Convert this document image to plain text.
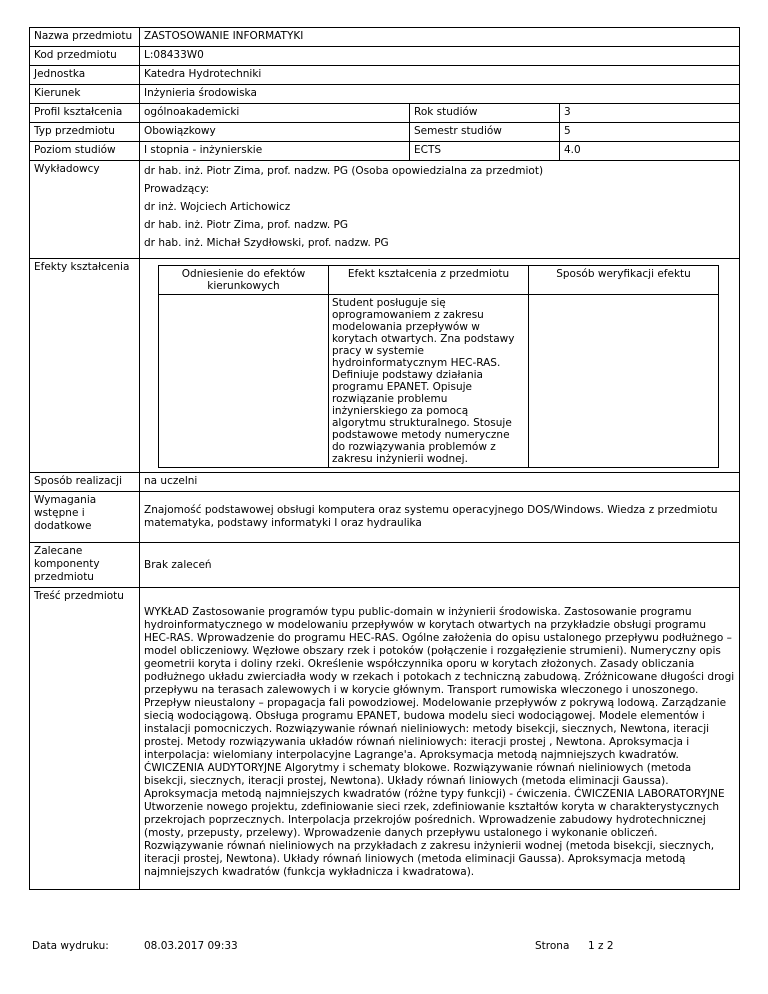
Nazwa przedmiotu	ZASTOSOWANIE INFORMATYKI
Kod przedmiotu	L:08433W0
Jednostka	Katedra Hydrotechniki
Kierunek	Inżynieria środowiska
Profil kształcenia	ogólnoakademicki	Rok studiów	3
Typ przedmiotu	Obowiązkowy	Semestr studiów	5
Poziom studiów	I stopnia - inżynierskie	ECTS	4.0
Wykładowcy	dr hab. inż. Piotr Zima, prof. nadzw. PG (Osoba opowiedzialna za przedmiot)
Prowadzący:
dr inż. Wojciech Artichowicz
dr hab. inż. Piotr Zima, prof. nadzw. PG
dr hab. inż. Michał Szydłowski, prof. nadzw. PG

Efekty kształcenia	
Odniesienie do efektów kierunkowych	Efekt kształcenia z przedmiotu	Sposób weryfikacji efektu
	Student posługuje się oprogramowaniem z zakresu modelowania przepływów w korytach otwartych. Zna podstawy pracy w systemie hydroinformatycznym HEC-RAS. Definiuje podstawy działania programu EPANET. Opisuje rozwiązanie problemu inżynierskiego za pomocą algorytmu strukturalnego. Stosuje podstawowe metody numeryczne do rozwiązywania problemów z zakresu inżynierii wodnej.	

Sposób realizacji	na uczelni
Wymagania wstępne i dodatkowe	Znajomość podstawowej obsługi komputera oraz systemu operacyjnego DOS/Windows. Wiedza z przedmiotu matematyka, podstawy informatyki I oraz hydraulika
Zalecane komponenty przedmiotu	Brak zaleceń
Treść przedmiotu	
WYKŁAD Zastosowanie programów typu public-domain w inżynierii środowiska. Zastosowanie programu hydroinformatycznego w modelowaniu przepływów w korytach otwartych na przykładzie obsługi programu HEC-RAS. Wprowadzenie do programu HEC-RAS. Ogólne założenia do opisu ustalonego przepływu podłużnego – model obliczeniowy. Węzłowe obszary rzek i potoków (połączenie i rozgałęzienie strumieni). Numeryczny opis geometrii koryta i doliny rzeki. Określenie współczynnika oporu w korytach złożonych. Zasady obliczania podłużnego układu zwierciadła wody w rzekach i potokach z techniczną zabudową. Zróżnicowane długości drogi przepływu na terasach zalewowych i w korycie głównym. Transport rumowiska wleczonego i unoszonego. Przepływ nieustalony – propagacja fali powodziowej. Modelowanie przepływów z pokrywą lodową. Zarządzanie siecią wodociągową. Obsługa programu EPANET, budowa modelu sieci wodociągowej. Modele elementów i instalacji pomocniczych. Rozwiązywanie równań nieliniowych: metody bisekcji, siecznych, Newtona, iteracji prostej. Metody rozwiązywania układów równań nieliniowych: iteracji prostej , Newtona. Aproksymacja i interpolacja: wielomiany interpolacyjne Lagrange'a. Aproksymacja metodą najmniejszych kwadratów. ĆWICZENIA AUDYTORYJNE Algorytmy i schematy blokowe. Rozwiązywanie równań nieliniowych (metoda bisekcji, siecznych, iteracji prostej, Newtona). Układy równań liniowych (metoda eliminacji Gaussa). Aproksymacja metodą najmniejszych kwadratów (różne typy funkcji) - ćwiczenia. ĆWICZENIA LABORATORYJNE Utworzenie nowego projektu, zdefiniowanie sieci rzek, zdefiniowanie kształtów koryta w charakterystycznych przekrojach poprzecznych. Interpolacja przekrojów pośrednich. Wprowadzenie zabudowy hydrotechnicznej (mosty, przepusty, przelewy). Wprowadzenie danych przepływu ustalonego i wykonanie obliczeń. Rozwiązywanie równań nieliniowych na przykładach z zakresu inżynierii wodnej (metoda bisekcji, siecznych, iteracji prostej, Newtona). Układy równań liniowych (metoda eliminacji Gaussa). Aproksymacja metodą najmniejszych kwadratów (funkcja wykładnicza i kwadratowa).
Data wydruku:	08.03.2017 09:33	Strona 1 z 2
